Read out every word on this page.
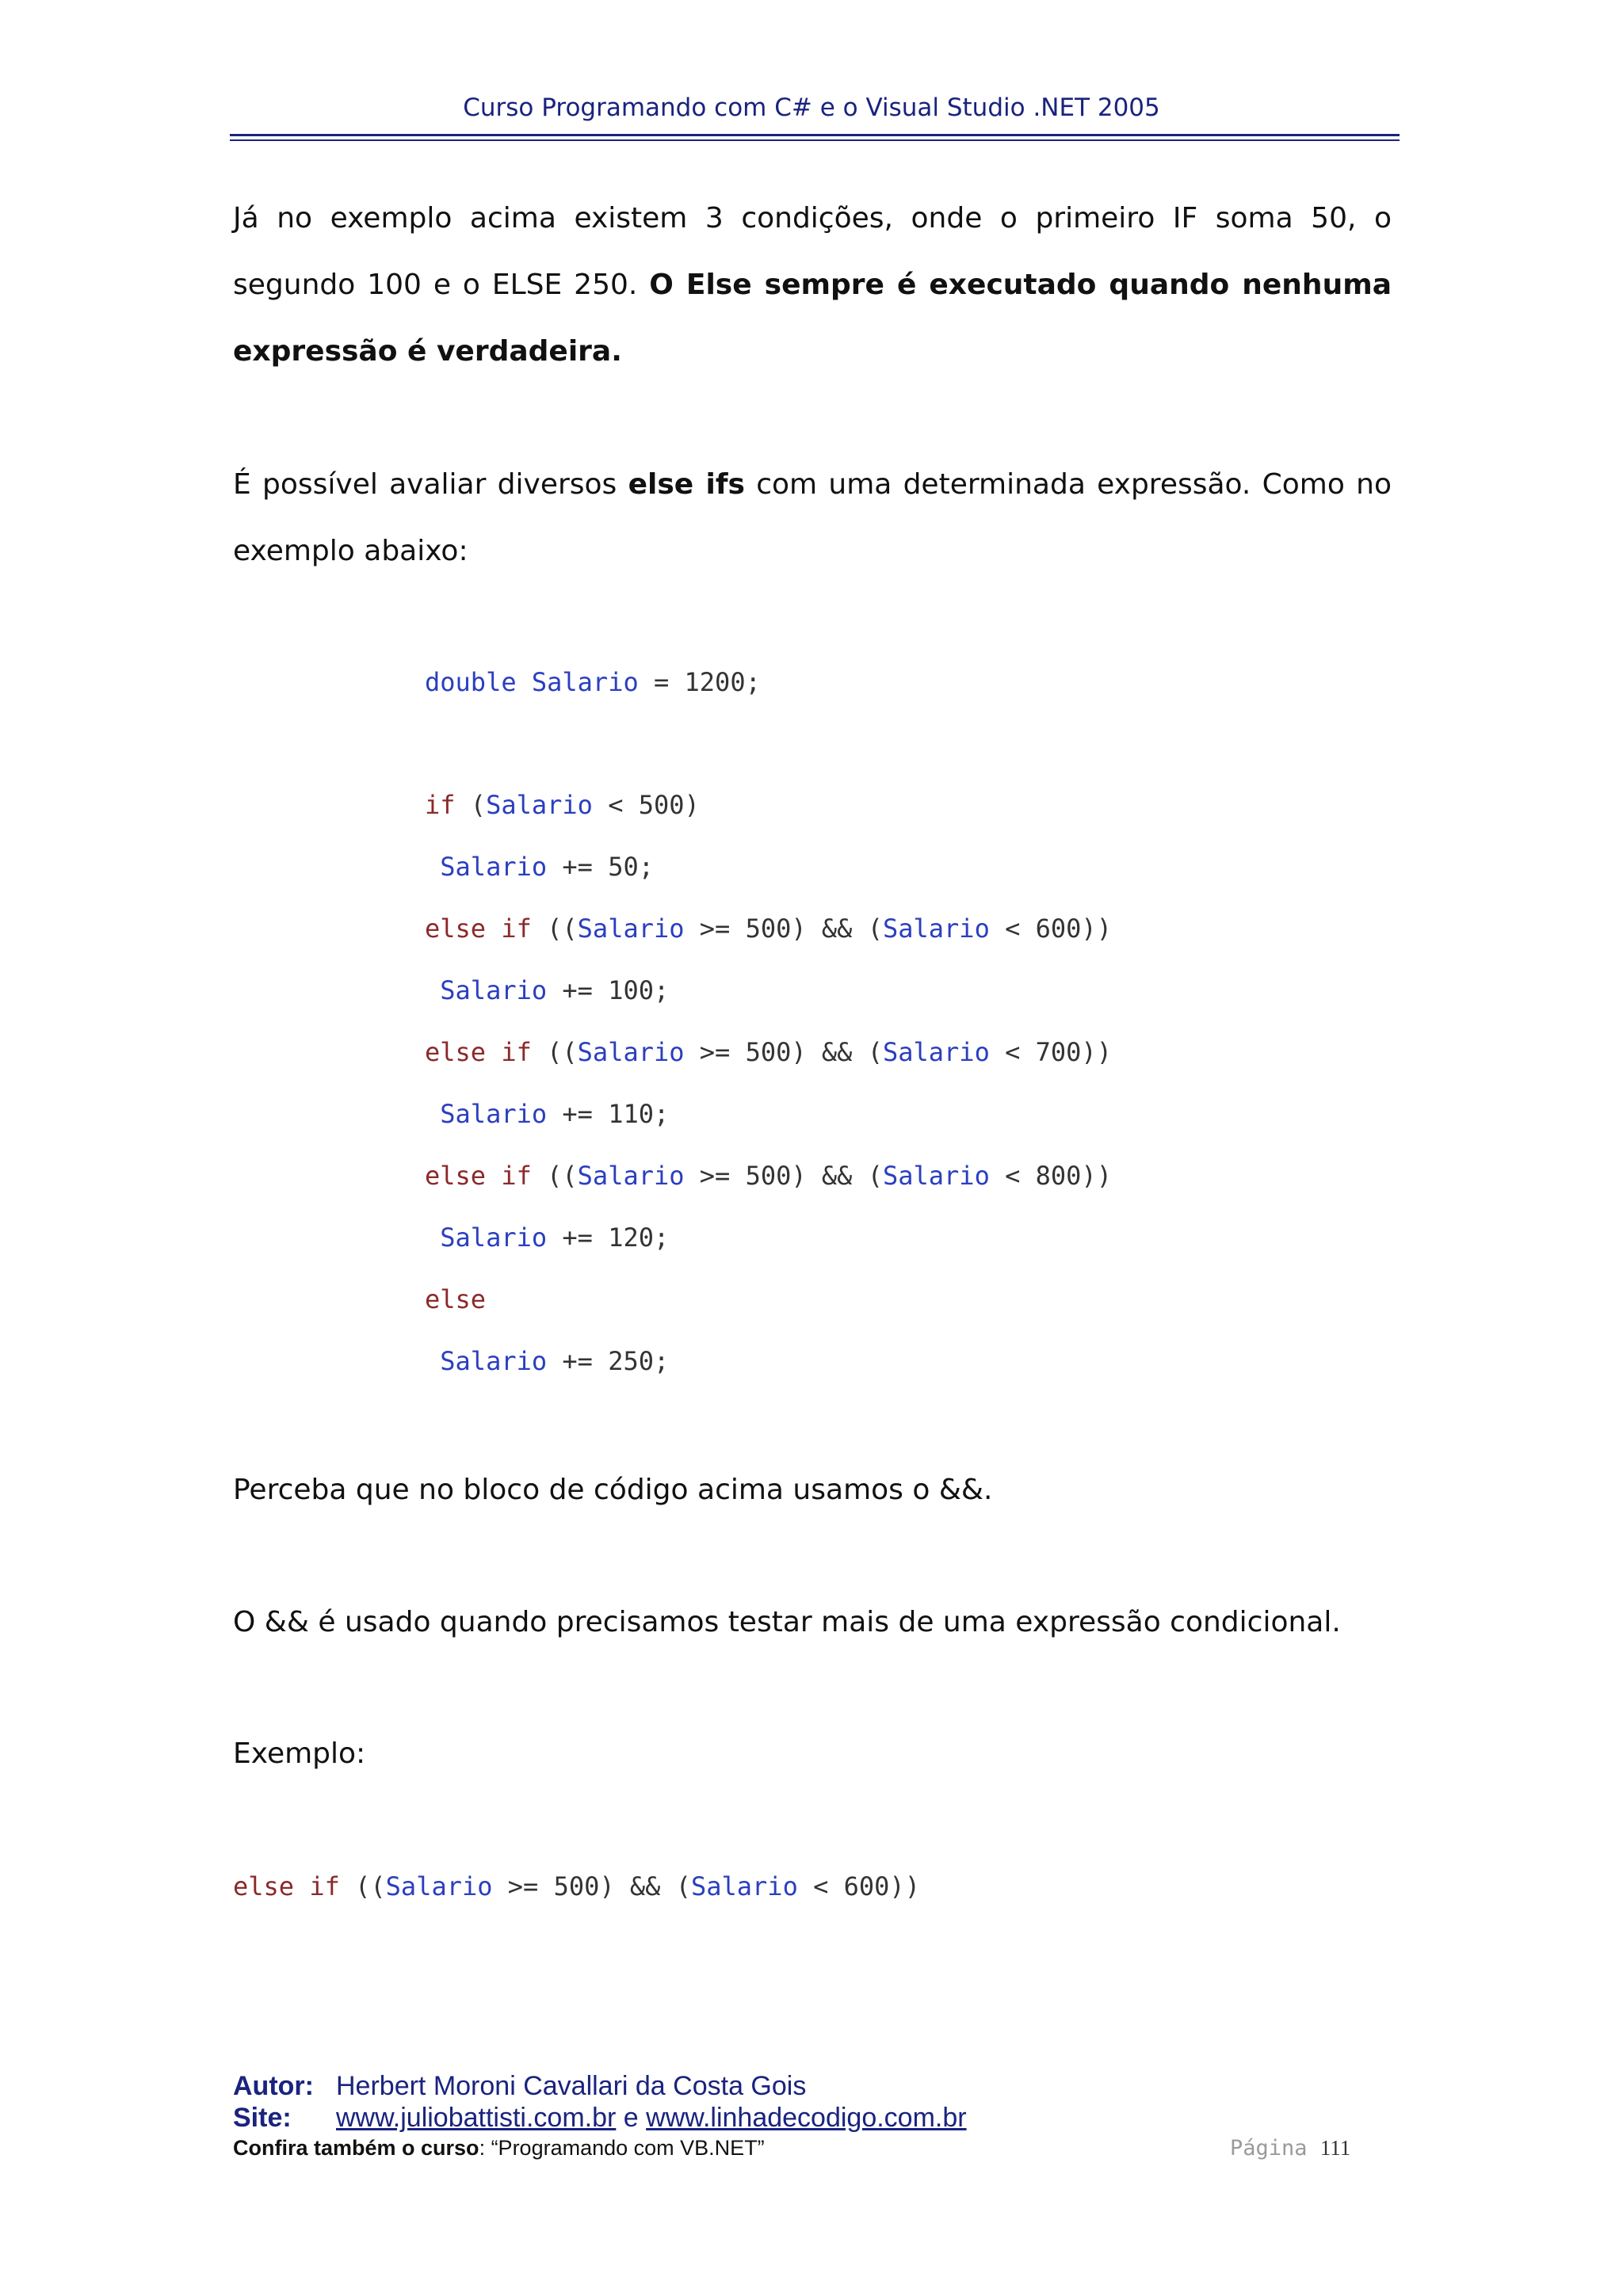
Curso Programando com C# e o Visual Studio .NET 2005

Já no exemplo acima existem 3 condições, onde o primeiro IF soma 50, o segundo 100 e o ELSE 250. O Else sempre é executado quando nenhuma expressão é verdadeira.

É possível avaliar diversos else ifs com uma determinada expressão. Como no exemplo abaixo:

double Salario = 1200;
if (Salario < 500)
Salario += 50;
else if ((Salario >= 500) && (Salario < 600))
Salario += 100;
else if ((Salario >= 500) && (Salario < 700))
Salario += 110;
else if ((Salario >= 500) && (Salario < 800))
Salario += 120;
else
Salario += 250;

Perceba que no bloco de código acima usamos o &&.

O && é usado quando precisamos testar mais de uma expressão condicional.

Exemplo:

else if ((Salario >= 500) && (Salario < 600))
Autor: Herbert Moroni Cavallari da Costa Gois
Site: www.juliobattisti.com.br e www.linhadecodigo.com.br
Confira também o curso: “Programando com VB.NET”	Página 111
